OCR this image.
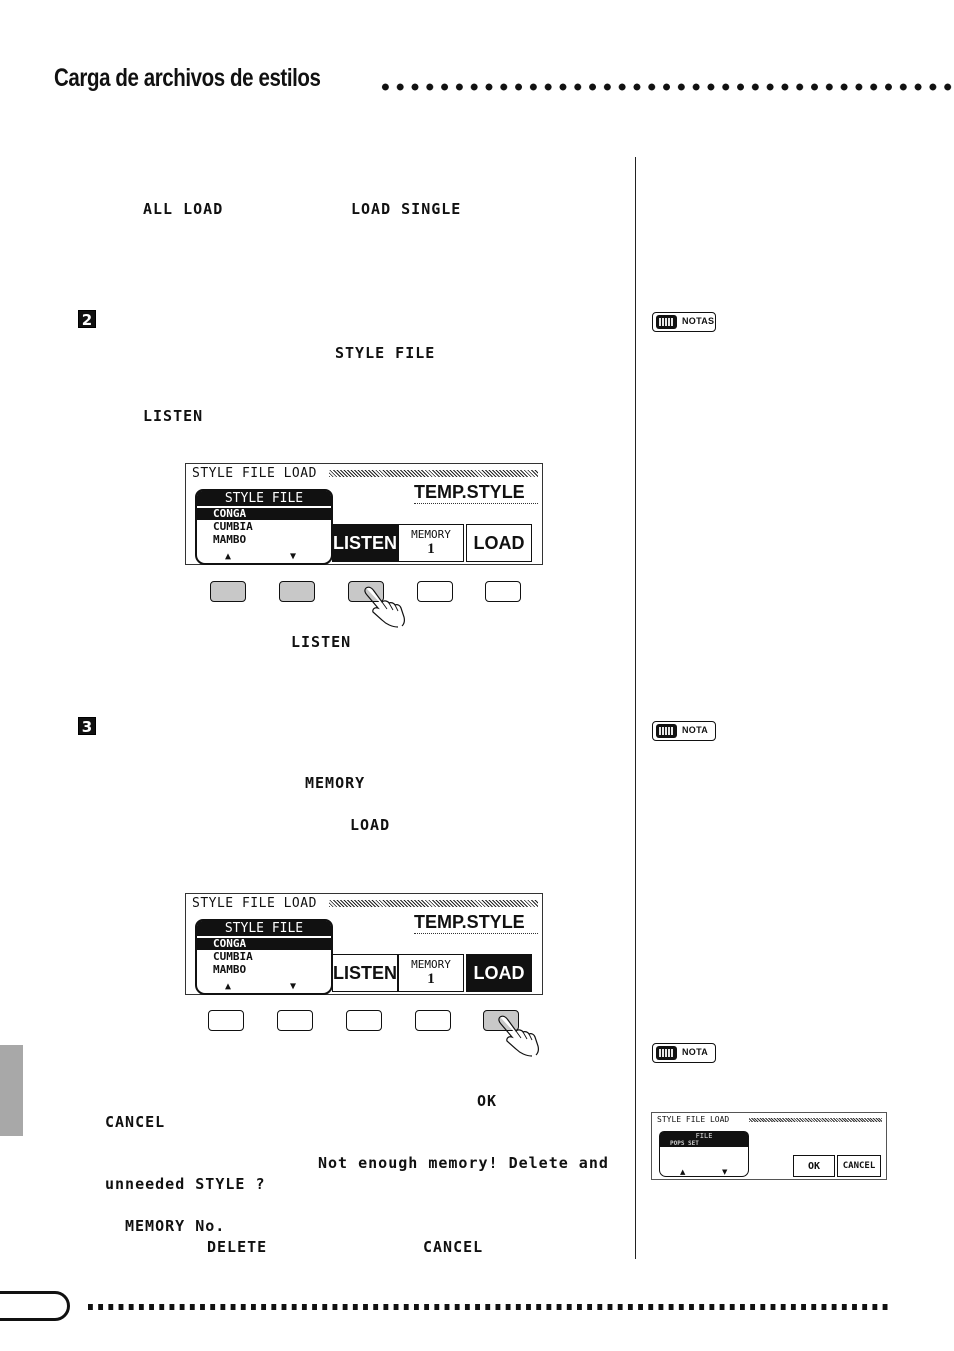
Carga de archivos de estilos
ALL LOAD	LOAD SINGLE
2
STYLE FILE
LISTEN
STYLE FILE LOAD
TEMP.STYLE
STYLE FILE
CONGA
CUMBIA
MAMBO
▲	▼
LISTEN MEMORY
1	LOAD
LISTEN
3
MEMORY
LOAD
STYLE FILE LOAD
TEMP.STYLE
STYLE FILE
CONGA
CUMBIA
MAMBO
▲	▼
LISTEN MEMORY
1	LOAD
OK
CANCEL
Not enough memory! Delete and
unneeded STYLE ?
MEMORY No.
DELETE	CANCEL
NOTAS
NOTA
NOTA
STYLE FILE LOAD
FILE
POPS SET
▲	▼
OK	CANCEL
